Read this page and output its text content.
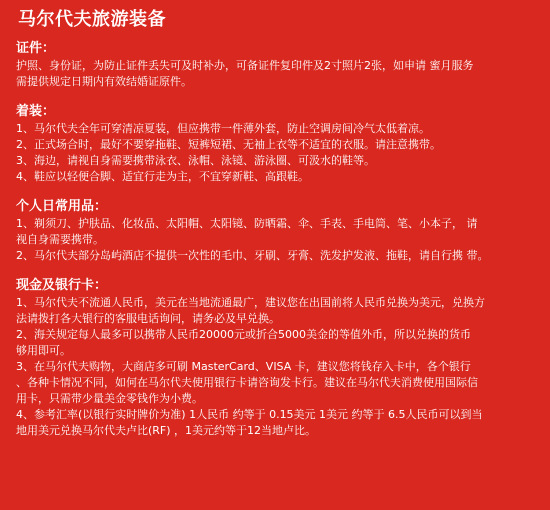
马尔代夫旅游装备
证件：

护照、身份证，为防止证件丢失可及时补办，可备证件复印件及2寸照片2张，如申请 蜜月服务

需提供规定日期内有效结婚证原件。

着装：

1、马尔代夫全年可穿清凉夏装，但应携带一件薄外套，防止空调房间冷气太低着凉。

2、正式场合时，最好不要穿拖鞋、短裤短裙、无袖上衣等不适宜的衣服。请注意携带。

3、海边，请视自身需要携带泳衣、泳帽、泳镜、游泳圈、可汲水的鞋等。

4、鞋应以轻便合脚、适宜行走为主，不宜穿新鞋、高跟鞋。

个人日常用品：

1、剃须刀、护肤品、化妆品、太阳帽、太阳镜、防晒霜、伞、手表、手电筒、笔、小本子， 请

视自身需要携带。

2、马尔代夫部分岛屿酒店不提供一次性的毛巾、牙刷、牙膏、洗发护发液、拖鞋，请自行携 带。

现金及银行卡：

1、马尔代夫不流通人民币，美元在当地流通最广，建议您在出国前将人民币兑换为美元，兑换方

法请拨打各大银行的客服电话询问，请务必及早兑换。

2、海关规定每人最多可以携带人民币20000元或折合5000美金的等值外币，所以兑换的货币

够用即可。

3、在马尔代夫购物，大商店多可刷 MasterCard、VISA 卡，建议您将钱存入卡中，各个银行

、各种卡情况不同，如何在马尔代夫使用银行卡请咨询发卡行。建议在马尔代夫消费使用国际信

用卡，只需带少量美金零钱作为小费。

4、参考汇率(以银行实时牌价为准) 1人民币 约等于 0.15美元 1美元 约等于 6.5人民币可以到当

地用美元兑换马尔代夫卢比(RF) ，1美元约等于12当地卢比。
